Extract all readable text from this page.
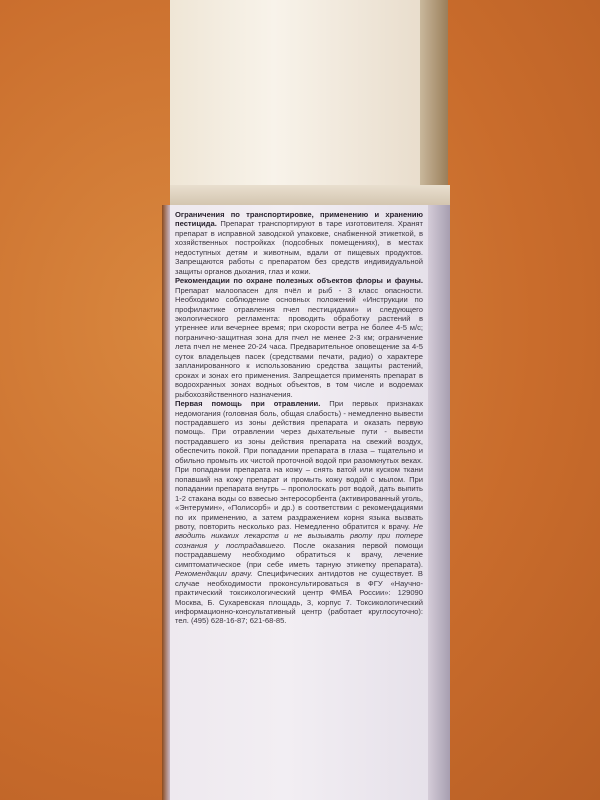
Ограничения по транспортировке, применению и хранению пестицида. Препарат транспортируют в таре изготовителя. Хранят препарат в исправной заводской упаковке, снабженной этикеткой, в хозяйственных постройках (подсобных помещениях), в местах недоступных детям и животным, вдали от пищевых продуктов. Запрещаются работы с препаратом без средств индивидуальной защиты органов дыхания, глаз и кожи.

Рекомендации по охране полезных объектов флоры и фауны. Препарат малоопасен для пчёл и рыб - 3 класс опасности. Необходимо соблюдение основных положений «Инструкции по профилактике отравления пчел пестицидами» и следующего экологического регламента: проводить обработку растений в утреннее или вечернее время; при скорости ветра не более 4-5 м/с; погранично-защитная зона для пчел не менее 2-3 км; ограничение лета пчел не менее 20-24 часа. Предварительное оповещение за 4-5 суток владельцев пасек (средствами печати, радио) о характере запланированного к использованию средства защиты растений, сроках и зонах его применения. Запрещается применять препарат в водоохранных зонах водных объектов, в том числе и водоемах рыбохозяйственного назначения.

Первая помощь при отравлении. При первых признаках недомогания (головная боль, общая слабость) - немедленно вывести пострадавшего из зоны действия препарата и оказать первую помощь. При отравлении через дыхательные пути - вывести пострадавшего из зоны действия препарата на свежий воздух, обеспечить покой. При попадании препарата в глаза – тщательно и обильно промыть их чистой проточной водой при разомкнутых веках. При попадании препарата на кожу – снять ватой или куском ткани попавший на кожу препарат и промыть кожу водой с мылом. При попадании препарата внутрь – прополоскать рот водой, дать выпить 1-2 стакана воды со взвесью энтеросорбента (активированный уголь, «Энтерумин», «Полисорб» и др.) в соответствии с рекомендациями по их применению, а затем раздражением корня языка вызвать рвоту, повторить несколько раз. Немедленно обратится к врачу. Не вводить никаких лекарств и не вызывать рвоту при потере сознания у пострадавшего. После оказания первой помощи пострадавшему необходимо обратиться к врачу, лечение симптоматическое (при себе иметь тарную этикетку препарата). Рекомендации врачу. Специфических антидотов не существует. В случае необходимости проконсультироваться в ФГУ «Научно-практический токсикологический центр ФМБА России»: 129090 Москва, Б. Сухаревская площадь, 3, корпус 7. Токсикологический информационно-консультативный центр (работает круглосуточно): тел. (495) 628-16-87; 621-68-85.
